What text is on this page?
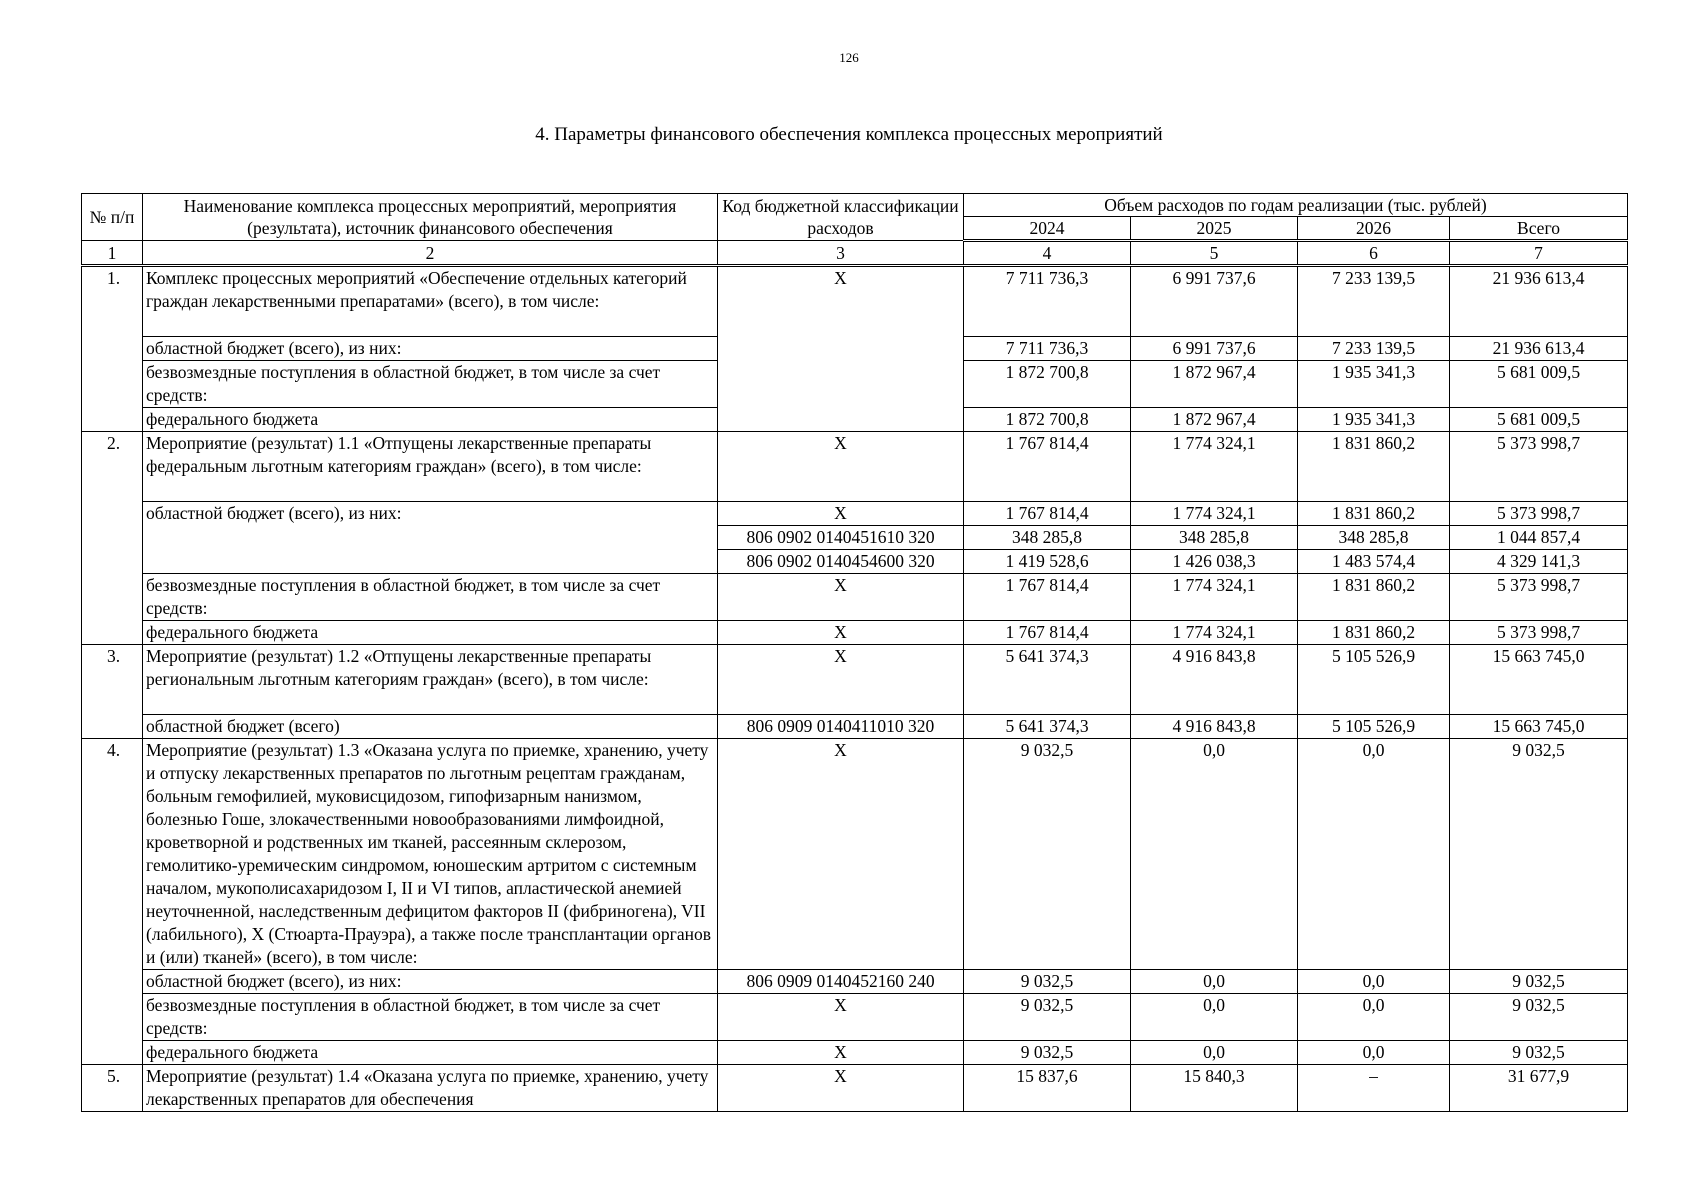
126
4. Параметры финансового обеспечения комплекса процессных мероприятий
№ п/п	Наименование комплекса процессных мероприятий, мероприятия (результата), источник финансового обеспечения	Код бюджетной классификации расходов	Объем расходов по годам реализации (тыс. рублей)			
			2024	2025	2026	Всего
1	2	3	4	5	6	7
1.	Комплекс процессных мероприятий «Обеспечение отдельных категорий граждан лекарственными препаратами» (всего), в том числе:	Х	7 711 736,3	6 991 737,6	7 233 139,5	21 936 613,4
	областной бюджет (всего), из них:		7 711 736,3	6 991 737,6	7 233 139,5	21 936 613,4
	безвозмездные поступления в областной бюджет, в том числе за счет средств:		1 872 700,8	1 872 967,4	1 935 341,3	5 681 009,5
	федерального бюджета		1 872 700,8	1 872 967,4	1 935 341,3	5 681 009,5
2.	Мероприятие (результат) 1.1 «Отпущены лекарственные препараты федеральным льготным категориям граждан» (всего), в том числе:	Х	1 767 814,4	1 774 324,1	1 831 860,2	5 373 998,7
	областной бюджет (всего), из них:	Х	1 767 814,4	1 774 324,1	1 831 860,2	5 373 998,7
		806 0902 0140451610 320	348 285,8	348 285,8	348 285,8	1 044 857,4
		806 0902 0140454600 320	1 419 528,6	1 426 038,3	1 483 574,4	4 329 141,3
	безвозмездные поступления в областной бюджет, в том числе за счет средств:	Х	1 767 814,4	1 774 324,1	1 831 860,2	5 373 998,7
	федерального бюджета	Х	1 767 814,4	1 774 324,1	1 831 860,2	5 373 998,7
3.	Мероприятие (результат) 1.2 «Отпущены лекарственные препараты региональным льготным категориям граждан» (всего), в том числе:	Х	5 641 374,3	4 916 843,8	5 105 526,9	15 663 745,0
	областной бюджет (всего)	806 0909 0140411010 320	5 641 374,3	4 916 843,8	5 105 526,9	15 663 745,0
4.	Мероприятие (результат) 1.3 «Оказана услуга по приемке, хранению, учету и отпуску лекарственных препаратов по льготным рецептам гражданам, больным гемофилией, муковисцидозом, гипофизарным нанизмом, болезнью Гоше, злокачественными новообразованиями лимфоидной, кроветворной и родственных им тканей, рассеянным склерозом, гемолитико-уремическим синдромом, юношеским артритом с системным началом, мукополисахаридозом I, II и VI типов, апластической анемией неуточненной, наследственным дефицитом факторов II (фибриногена), VII (лабильного), X (Стюарта-Прауэра), а также после трансплантации органов и (или) тканей» (всего), в том числе:	Х	9 032,5	0,0	0,0	9 032,5
	областной бюджет (всего), из них:	806 0909 0140452160 240	9 032,5	0,0	0,0	9 032,5
	безвозмездные поступления в областной бюджет, в том числе за счет средств:	Х	9 032,5	0,0	0,0	9 032,5
	федерального бюджета	Х	9 032,5	0,0	0,0	9 032,5
5.	Мероприятие (результат) 1.4 «Оказана услуга по приемке, хранению, учету лекарственных препаратов для обеспечения	Х	15 837,6	15 840,3	–	31 677,9
